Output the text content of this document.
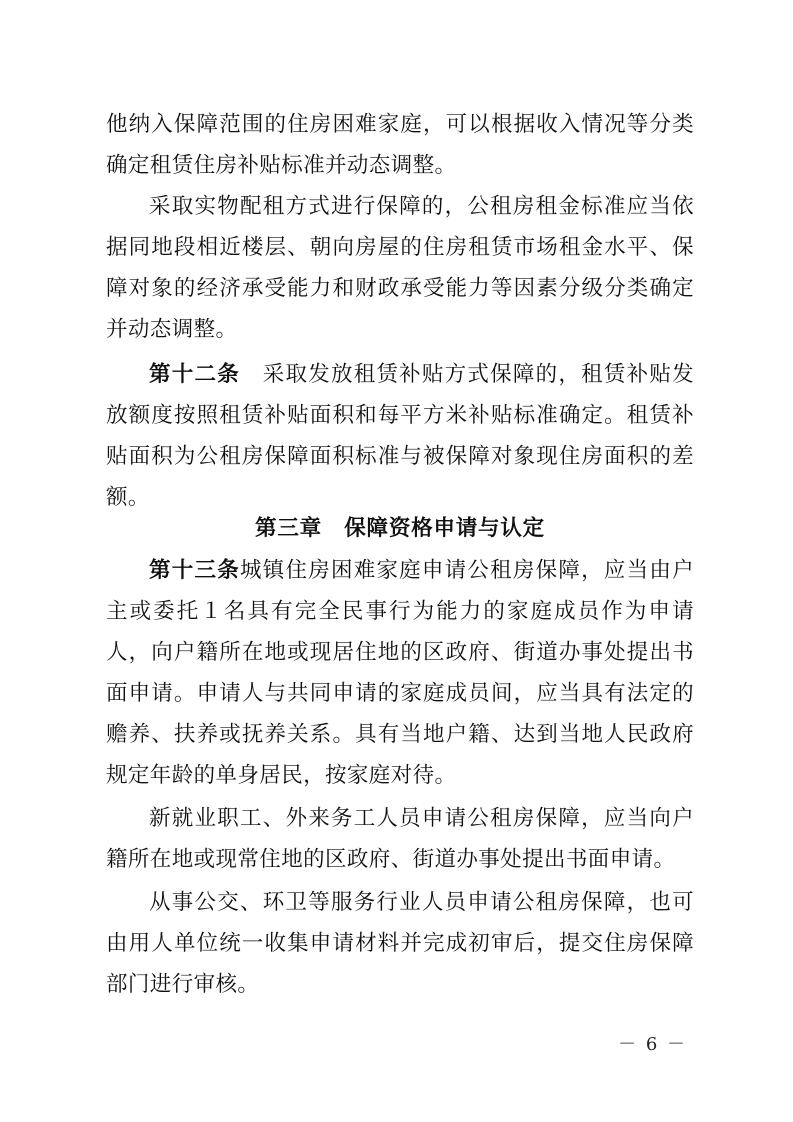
他纳入保障范围的住房困难家庭，可以根据收入情况等分类确定租赁住房补贴标准并动态调整。

采取实物配租方式进行保障的，公租房租金标准应当依据同地段相近楼层、朝向房屋的住房租赁市场租金水平、保障对象的经济承受能力和财政承受能力等因素分级分类确定并动态调整。

第十二条　采取发放租赁补贴方式保障的，租赁补贴发放额度按照租赁补贴面积和每平方米补贴标准确定。租赁补贴面积为公租房保障面积标准与被保障对象现住房面积的差额。

第三章　保障资格申请与认定

第十三条城镇住房困难家庭申请公租房保障，应当由户主或委托１名具有完全民事行为能力的家庭成员作为申请人，向户籍所在地或现居住地的区政府、街道办事处提出书面申请。申请人与共同申请的家庭成员间，应当具有法定的赡养、扶养或抚养关系。具有当地户籍、达到当地人民政府规定年龄的单身居民，按家庭对待。

新就业职工、外来务工人员申请公租房保障，应当向户籍所在地或现常住地的区政府、街道办事处提出书面申请。

从事公交、环卫等服务行业人员申请公租房保障，也可由用人单位统一收集申请材料并完成初审后，提交住房保障部门进行审核。

－ 6 －
